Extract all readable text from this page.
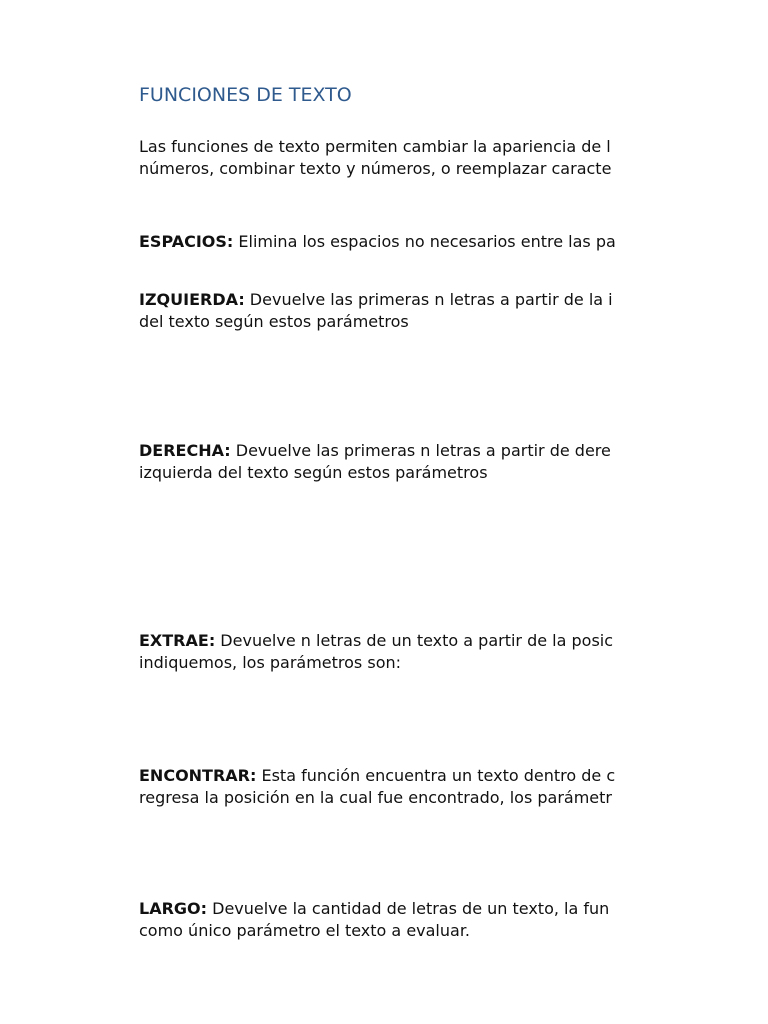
FUNCIONES DE TEXTO

Las funciones de texto permiten cambiar la apariencia de l
números, combinar texto y números, o reemplazar caracte

ESPACIOS: Elimina los espacios no necesarios entre las pa

IZQUIERDA: Devuelve las primeras n letras a partir de la i
del texto según estos parámetros

DERECHA: Devuelve las primeras n letras a partir de dere
izquierda del texto según estos parámetros

EXTRAE: Devuelve n letras de un texto a partir de la posic
indiquemos, los parámetros son:

ENCONTRAR: Esta función encuentra un texto dentro de c
regresa la posición en la cual fue encontrado, los parámetr

LARGO: Devuelve la cantidad de letras de un texto, la fun
como único parámetro el texto a evaluar.
